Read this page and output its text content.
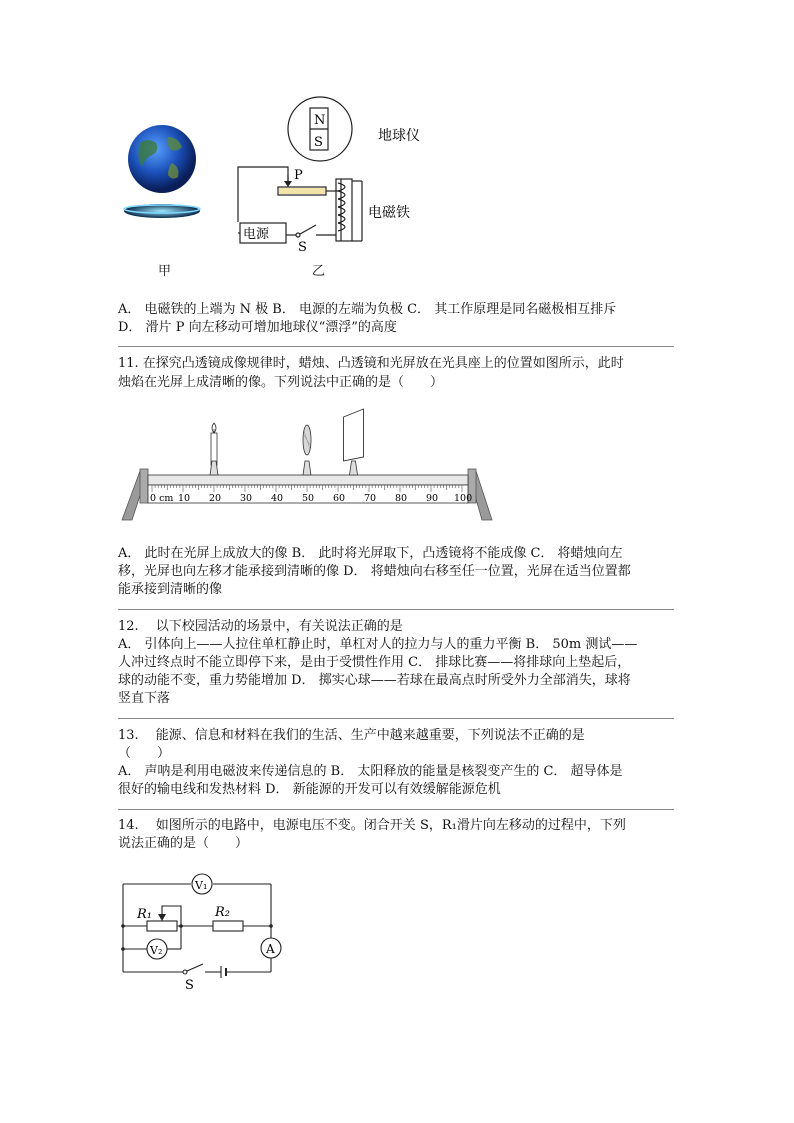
甲
N
S
P
电源
S
地球仪
电磁铁
乙
A． 电磁铁的上端为 N 极 B． 电源的左端为负极 C． 其工作原理是同名磁极相互排斥
D． 滑片 P 向左移动可增加地球仪“漂浮”的高度
11. 在探究凸透镜成像规律时，蜡烛、凸透镜和光屏放在光具座上的位置如图所示，此时
烛焰在光屏上成清晰的像。下列说法中正确的是（　　）
10 20 30 40 50 60 70 80 90 100
0 cm
A． 此时在光屏上成放大的像 B． 此时将光屏取下，凸透镜将不能成像 C． 将蜡烛向左
移，光屏也向左移才能承接到清晰的像 D． 将蜡烛向右移至任一位置，光屏在适当位置都
能承接到清晰的像
12.　 以下校园活动的场景中，有关说法正确的是
A． 引体向上——人拉住单杠静止时，单杠对人的拉力与人的重力平衡 B． 50m 测试——
人冲过终点时不能立即停下来，是由于受惯性作用 C． 排球比赛——将排球向上垫起后，
球的动能不变，重力势能增加 D． 掷实心球——若球在最高点时所受外力全部消失，球将
竖直下落
13.　 能源、信息和材料在我们的生活、生产中越来越重要，下列说法不正确的是
（　　）
A． 声呐是利用电磁波来传递信息的 B． 太阳释放的能量是核裂变产生的 C． 超导体是
很好的输电线和发热材料 D． 新能源的开发可以有效缓解能源危机
14.　 如图所示的电路中，电源电压不变。闭合开关 S，R₁滑片向左移动的过程中，下列
说法正确的是（　　）
V₁
V₂
R₁	R₂
A
S
